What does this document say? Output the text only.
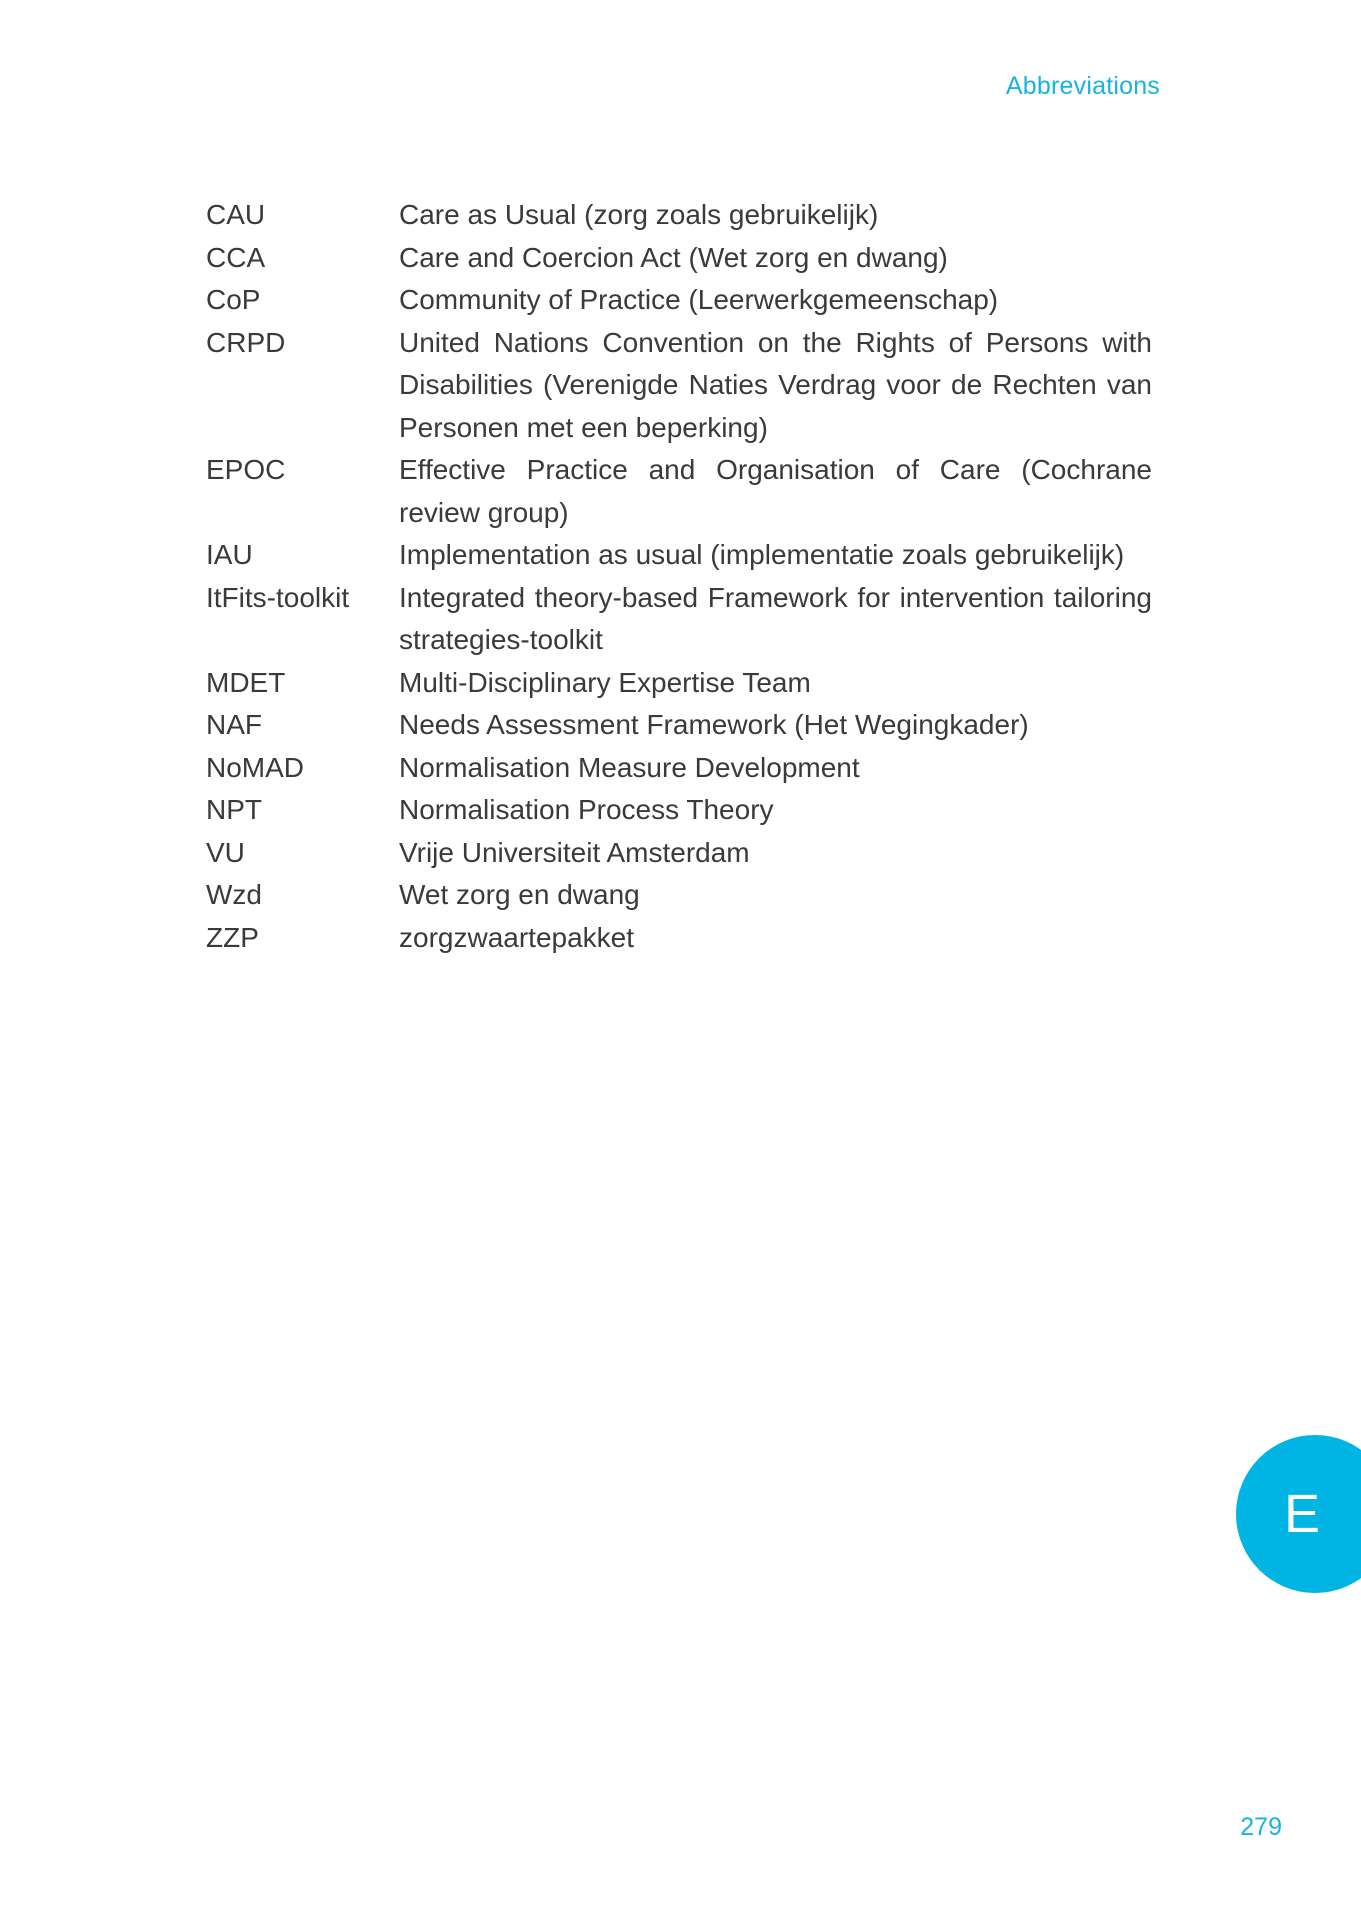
Abbreviations
CAU	Care as Usual (zorg zoals gebruikelijk)
CCA	Care and Coercion Act (Wet zorg en dwang)
CoP	Community of Practice (Leerwerkgemeenschap)
CRPD	United Nations Convention on the Rights of Persons with Disabilities (Verenigde Naties Verdrag voor de Rechten van Personen met een beperking)
EPOC	Effective Practice and Organisation of Care (Cochrane review group)
IAU	Implementation as usual (implementatie zoals gebruikelijk)
ItFits-toolkit	Integrated theory-based Framework for intervention tailoring strategies-toolkit
MDET	Multi-Disciplinary Expertise Team
NAF	Needs Assessment Framework (Het Wegingkader)
NoMAD	Normalisation Measure Development
NPT	Normalisation Process Theory
VU	Vrije Universiteit Amsterdam
Wzd	Wet zorg en dwang
ZZP	zorgzwaartepakket
E
279
